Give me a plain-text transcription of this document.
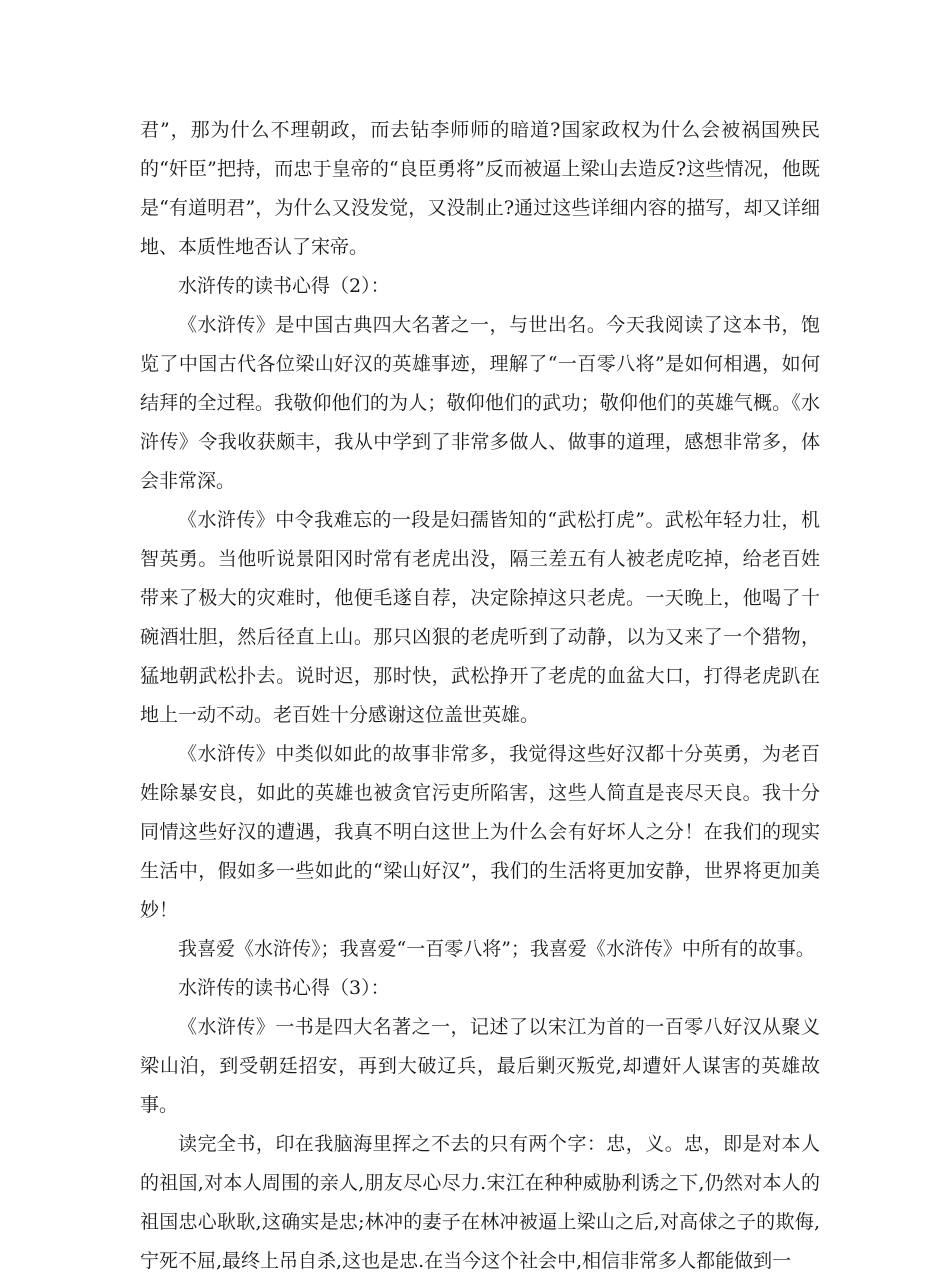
君”，那为什么不理朝政，而去钻李师师的暗道?国家政权为什么会被祸国殃民的“奸臣”把持，而忠于皇帝的“良臣勇将”反而被逼上梁山去造反?这些情况，他既是“有道明君”，为什么又没发觉，又没制止?通过这些详细内容的描写，却又详细地、本质性地否认了宋帝。

水浒传的读书心得（2）：

《水浒传》是中国古典四大名著之一，与世出名。今天我阅读了这本书，饱览了中国古代各位梁山好汉的英雄事迹，理解了“一百零八将”是如何相遇，如何结拜的全过程。我敬仰他们的为人；敬仰他们的武功；敬仰他们的英雄气概。《水浒传》令我收获颇丰，我从中学到了非常多做人、做事的道理，感想非常多，体会非常深。

《水浒传》中令我难忘的一段是妇孺皆知的“武松打虎”。武松年轻力壮，机智英勇。当他听说景阳冈时常有老虎出没，隔三差五有人被老虎吃掉，给老百姓带来了极大的灾难时，他便毛遂自荐，决定除掉这只老虎。一天晚上，他喝了十碗酒壮胆，然后径直上山。那只凶狠的老虎听到了动静，以为又来了一个猎物，猛地朝武松扑去。说时迟，那时快，武松挣开了老虎的血盆大口，打得老虎趴在地上一动不动。老百姓十分感谢这位盖世英雄。

《水浒传》中类似如此的故事非常多，我觉得这些好汉都十分英勇，为老百姓除暴安良，如此的英雄也被贪官污吏所陷害，这些人简直是丧尽天良。我十分同情这些好汉的遭遇，我真不明白这世上为什么会有好坏人之分！在我们的现实生活中，假如多一些如此的“梁山好汉”，我们的生活将更加安静，世界将更加美妙！

我喜爱《水浒传》；我喜爱“一百零八将”；我喜爱《水浒传》中所有的故事。

水浒传的读书心得（3）：

《水浒传》一书是四大名著之一，记述了以宋江为首的一百零八好汉从聚义梁山泊，到受朝廷招安，再到大破辽兵，最后剿灭叛党,却遭奸人谋害的英雄故事。

读完全书，印在我脑海里挥之不去的只有两个字：忠，义。忠，即是对本人的祖国,对本人周围的亲人,朋友尽心尽力.宋江在种种威胁利诱之下,仍然对本人的祖国忠心耿耿,这确实是忠;林冲的妻子在林冲被逼上梁山之后,对高俅之子的欺侮,宁死不屈,最终上吊自杀,这也是忠.在当今这个社会中,相信非常多人都能做到一
